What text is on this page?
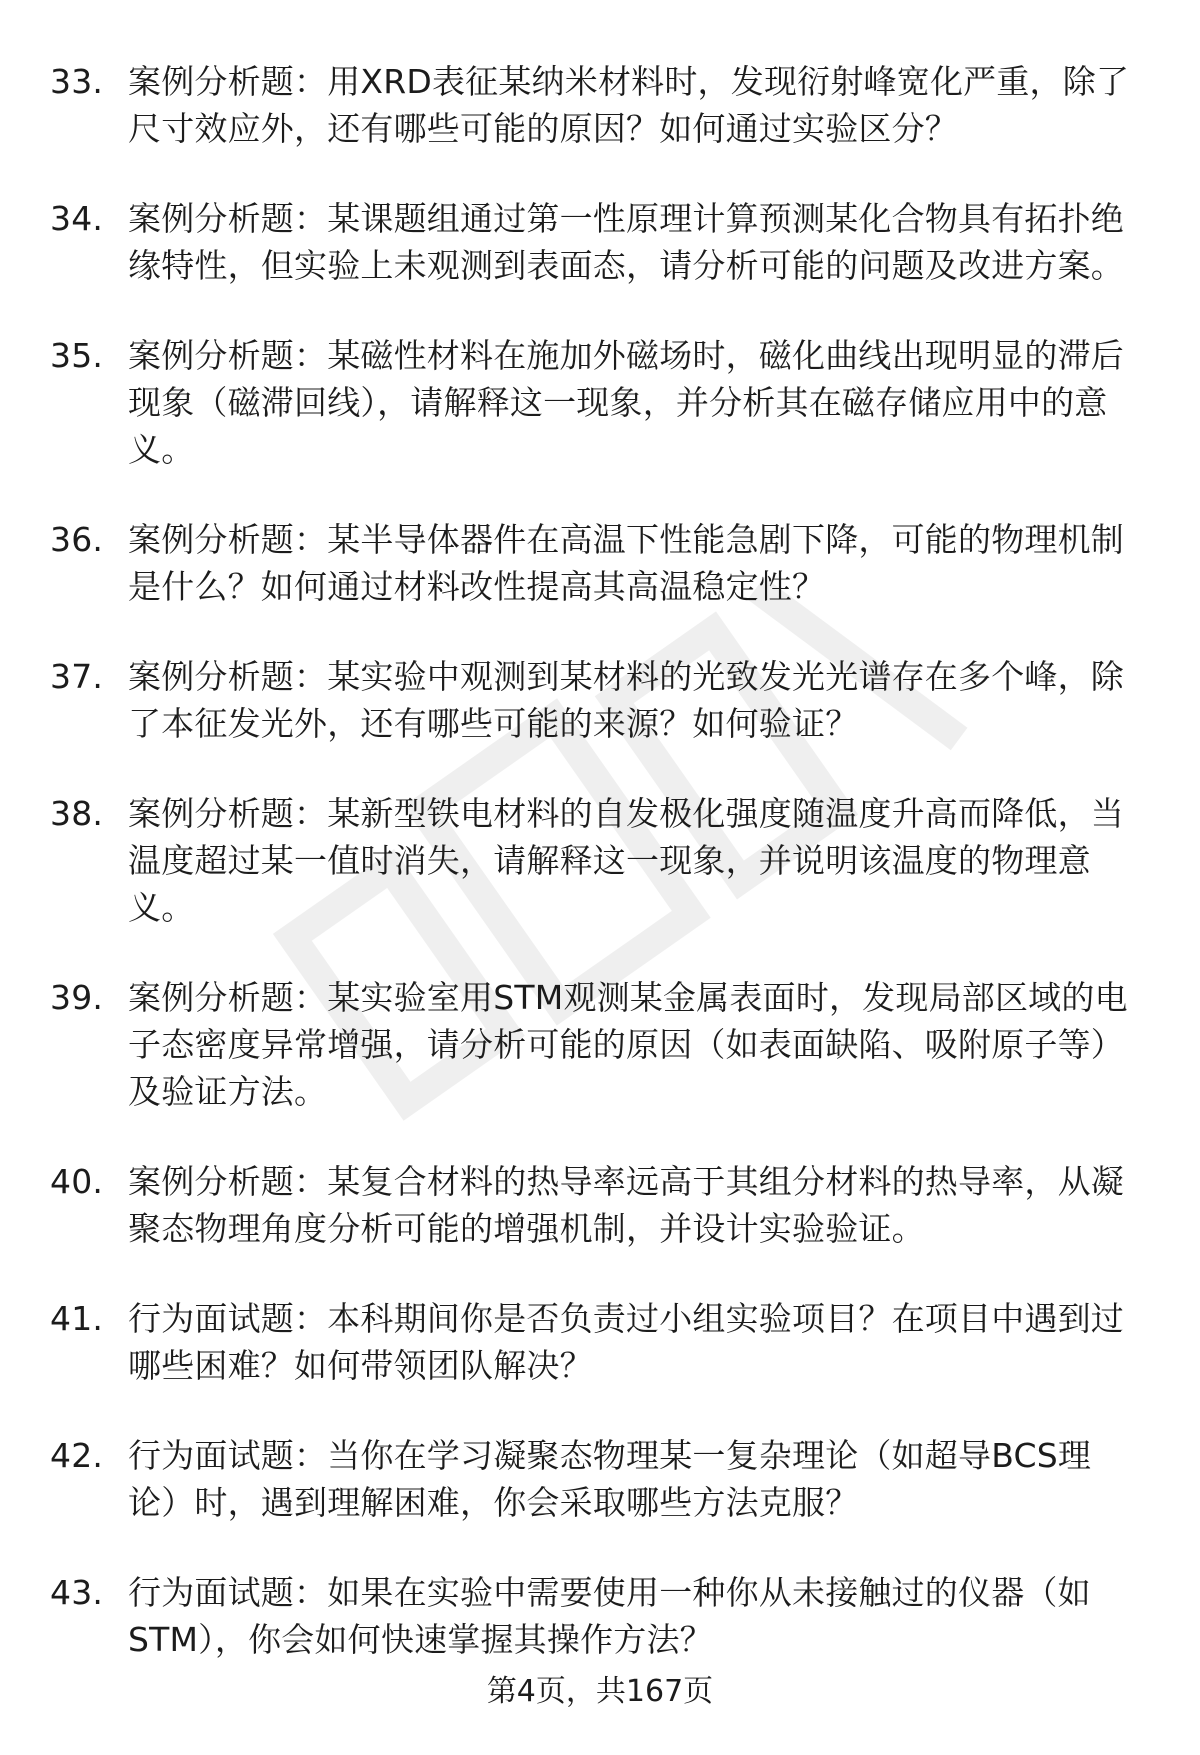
33. 案例分析题：用XRD表征某纳米材料时，发现衍射峰宽化严重，除了尺寸效应外，还有哪些可能的原因？如何通过实验区分？
34. 案例分析题：某课题组通过第一性原理计算预测某化合物具有拓扑绝缘特性，但实验上未观测到表面态，请分析可能的问题及改进方案。
35. 案例分析题：某磁性材料在施加外磁场时，磁化曲线出现明显的滞后现象（磁滞回线），请解释这一现象，并分析其在磁存储应用中的意义。
36. 案例分析题：某半导体器件在高温下性能急剧下降，可能的物理机制是什么？如何通过材料改性提高其高温稳定性？
37. 案例分析题：某实验中观测到某材料的光致发光光谱存在多个峰，除了本征发光外，还有哪些可能的来源？如何验证？
38. 案例分析题：某新型铁电材料的自发极化强度随温度升高而降低，当温度超过某一值时消失，请解释这一现象，并说明该温度的物理意义。
39. 案例分析题：某实验室用STM观测某金属表面时，发现局部区域的电子态密度异常增强，请分析可能的原因（如表面缺陷、吸附原子等）及验证方法。
40. 案例分析题：某复合材料的热导率远高于其组分材料的热导率，从凝聚态物理角度分析可能的增强机制，并设计实验验证。
41. 行为面试题：本科期间你是否负责过小组实验项目？在项目中遇到过哪些困难？如何带领团队解决？
42. 行为面试题：当你在学习凝聚态物理某一复杂理论（如超导BCS理论）时，遇到理解困难，你会采取哪些方法克服？
43. 行为面试题：如果在实验中需要使用一种你从未接触过的仪器（如STM），你会如何快速掌握其操作方法？
第4页，共167页
